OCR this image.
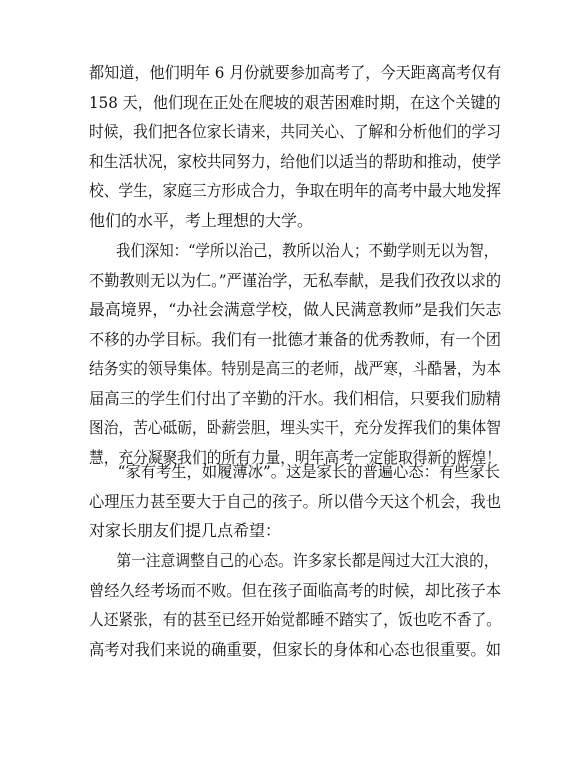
都知道，他们明年 6 月份就要参加高考了，今天距离高考仅有
158 天，他们现在正处在爬坡的艰苦困难时期，在这个关键的
时候，我们把各位家长请来，共同关心、了解和分析他们的学习
和生活状况，家校共同努力，给他们以适当的帮助和推动，使学
校、学生，家庭三方形成合力，争取在明年的高考中最大地发挥
他们的水平，考上理想的大学。
我们深知：“学所以治己，教所以治人；不勤学则无以为智，
不勤教则无以为仁。”严谨治学，无私奉献，是我们孜孜以求的
最高境界，“办社会满意学校，做人民满意教师”是我们矢志
不移的办学目标。我们有一批德才兼备的优秀教师，有一个团
结务实的领导集体。特别是高三的老师，战严寒，斗酷暑，为本
届高三的学生们付出了辛勤的汗水。我们相信，只要我们励精
图治，苦心砥砺，卧薪尝胆，埋头实干，充分发挥我们的集体智
慧，充分凝聚我们的所有力量，明年高考一定能取得新的辉煌！
“家有考生，如履薄冰”。这是家长的普遍心态：有些家长
心理压力甚至要大于自己的孩子。所以借今天这个机会，我也
对家长朋友们提几点希望：
第一注意调整自己的心态。许多家长都是闯过大江大浪的，
曾经久经考场而不败。但在孩子面临高考的时候，却比孩子本
人还紧张，有的甚至已经开始觉都睡不踏实了，饭也吃不香了。
高考对我们来说的确重要，但家长的身体和心态也很重要。如
